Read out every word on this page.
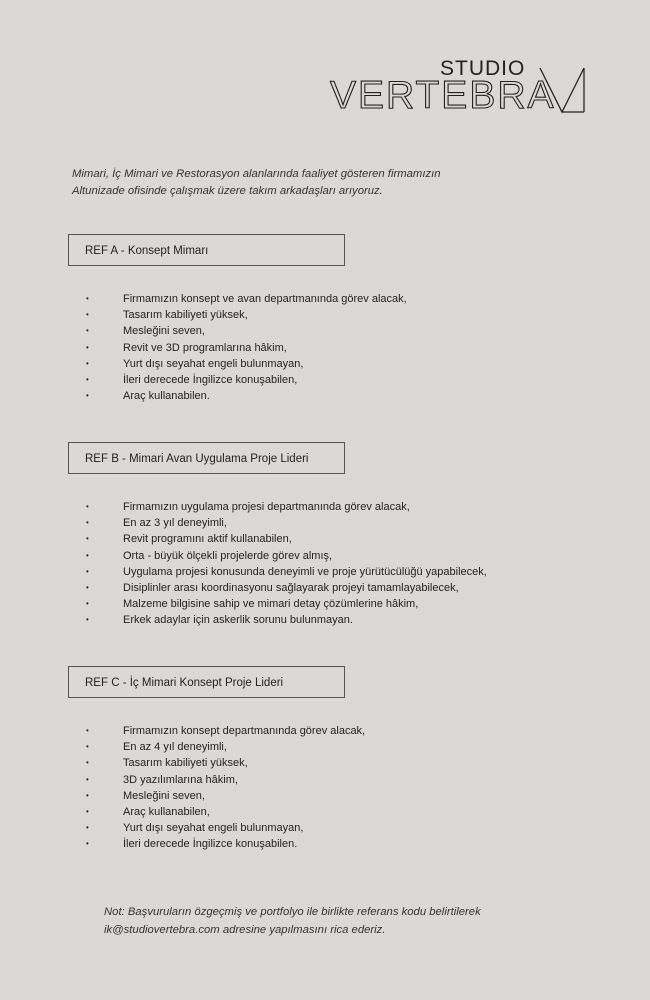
STUDIO
VERTEBRA
Mimari, İç Mimari ve Restorasyon alanlarında faaliyet gösteren firmamızın
Altunizade ofisinde çalışmak üzere takım arkadaşları arıyoruz.
REF A - Konsept Mimarı
•	Firmamızın konsept ve avan departmanında görev alacak,
•	Tasarım kabiliyeti yüksek,
•	Mesleğini seven,
•	Revit ve 3D programlarına hâkim,
•	Yurt dışı seyahat engeli bulunmayan,
•	İleri derecede İngilizce konuşabilen,
•	Araç kullanabilen.
REF B - Mimari Avan Uygulama Proje Lideri
•	Firmamızın uygulama projesi departmanında görev alacak,
•	En az 3 yıl deneyimli,
•	Revit programını aktif kullanabilen,
•	Orta - büyük ölçekli projelerde görev almış,
•	Uygulama projesi konusunda deneyimli ve proje yürütücülüğü yapabilecek,
•	Disiplinler arası koordinasyonu sağlayarak projeyi tamamlayabilecek,
•	Malzeme bilgisine sahip ve mimari detay çözümlerine hâkim,
•	Erkek adaylar için askerlik sorunu bulunmayan.
REF C - İç Mimari Konsept Proje Lideri
•	Firmamızın konsept departmanında görev alacak,
•	En az 4 yıl deneyimli,
•	Tasarım kabiliyeti yüksek,
•	3D yazılımlarına hâkim,
•	Mesleğini seven,
•	Araç kullanabilen,
•	Yurt dışı seyahat engeli bulunmayan,
•	İleri derecede İngilizce konuşabilen.
Not: Başvuruların özgeçmiş ve portfolyo ile birlikte referans kodu belirtilerek
ik@studiovertebra.com adresine yapılmasını rica ederiz.
